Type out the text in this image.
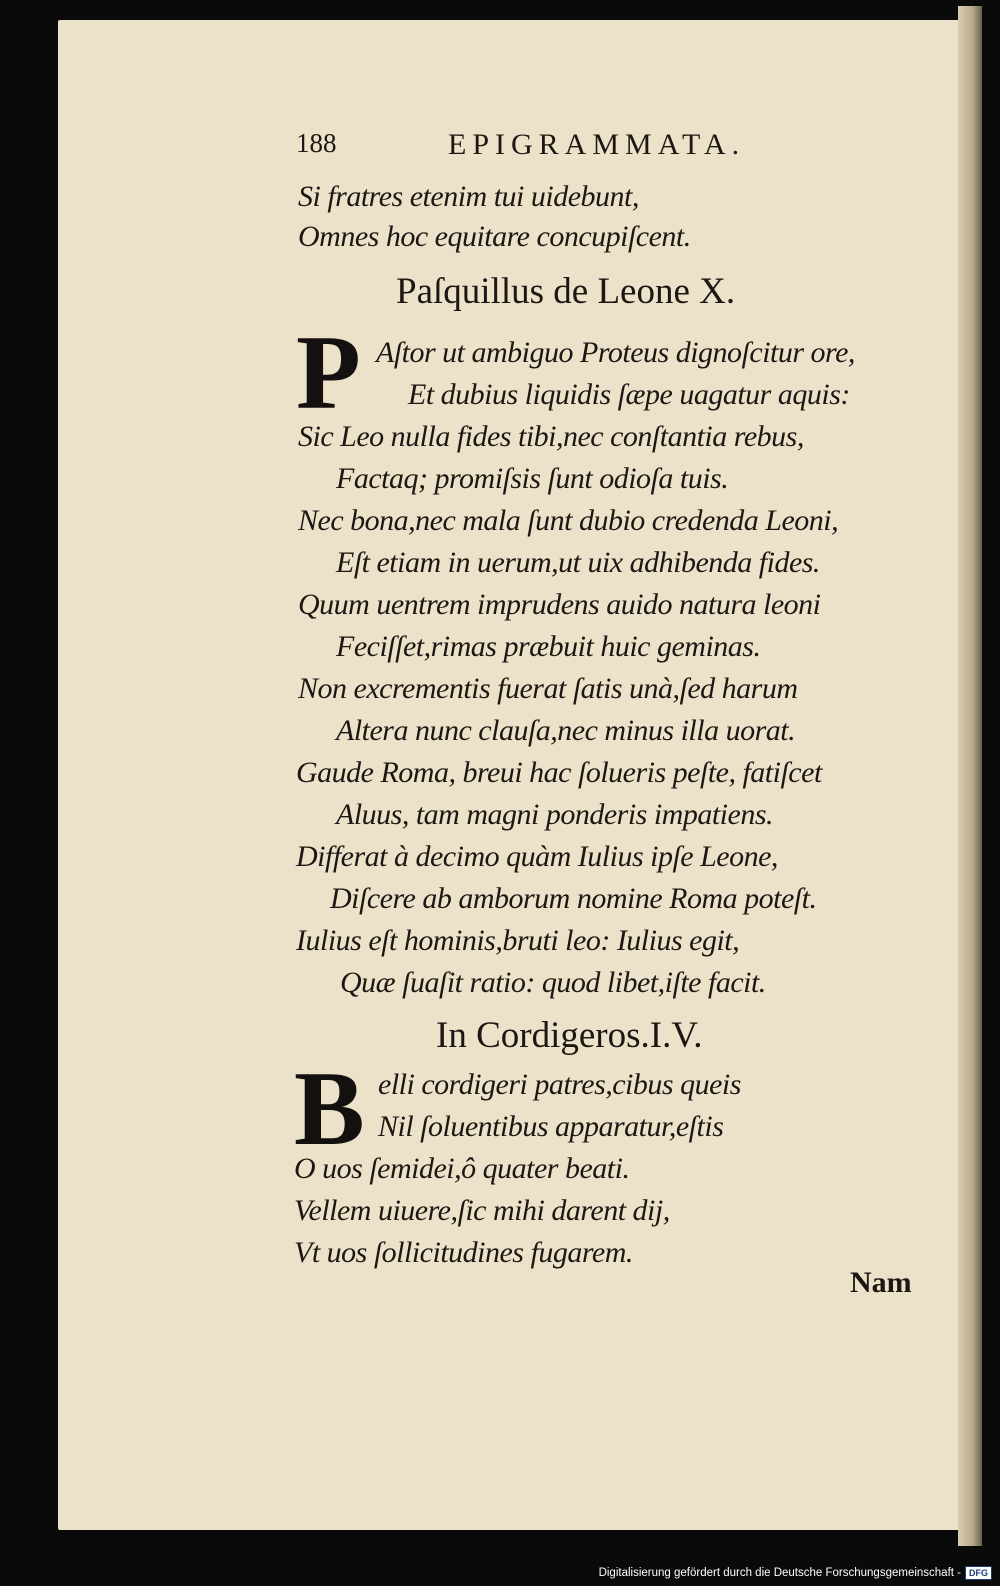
188	EPIGRAMMATA.
Si fratres etenim tui uidebunt,
Omnes hoc equitare concupiſcent.
Paſquillus de Leone X.
P Aſtor ut ambiguo Proteus dignoſcitur ore,
Et dubius liquidis ſæpe uagatur aquis:
Sic Leo nulla fides tibi,nec conſtantia rebus,
Factaq; promiſsis ſunt odioſa tuis.
Nec bona,nec mala ſunt dubio credenda Leoni,
Eſt etiam in uerum,ut uix adhibenda fides.
Quum uentrem imprudens auido natura leoni
Feciſſet,rimas præbuit huic geminas.
Non excrementis fuerat ſatis unà,ſed harum
Altera nunc clauſa,nec minus illa uorat.
Gaude Roma, breui hac ſolueris peſte, fatiſcet
Aluus, tam magni ponderis impatiens.
Differat à decimo quàm Iulius ipſe Leone,
Diſcere ab amborum nomine Roma poteſt.
Iulius eſt hominis,bruti leo: Iulius egit,
Quæ ſuaſit ratio: quod libet,iſte facit.
In Cordigeros.I.V.
B elli cordigeri patres,cibus queis
Nil ſoluentibus apparatur,eſtis
O uos ſemidei,ô quater beati.
Vellem uiuere,ſic mihi darent dij,
Vt uos ſollicitudines fugarem.
Nam
Digitalisierung gefördert durch die Deutsche Forschungsgemeinschaft - DFG
